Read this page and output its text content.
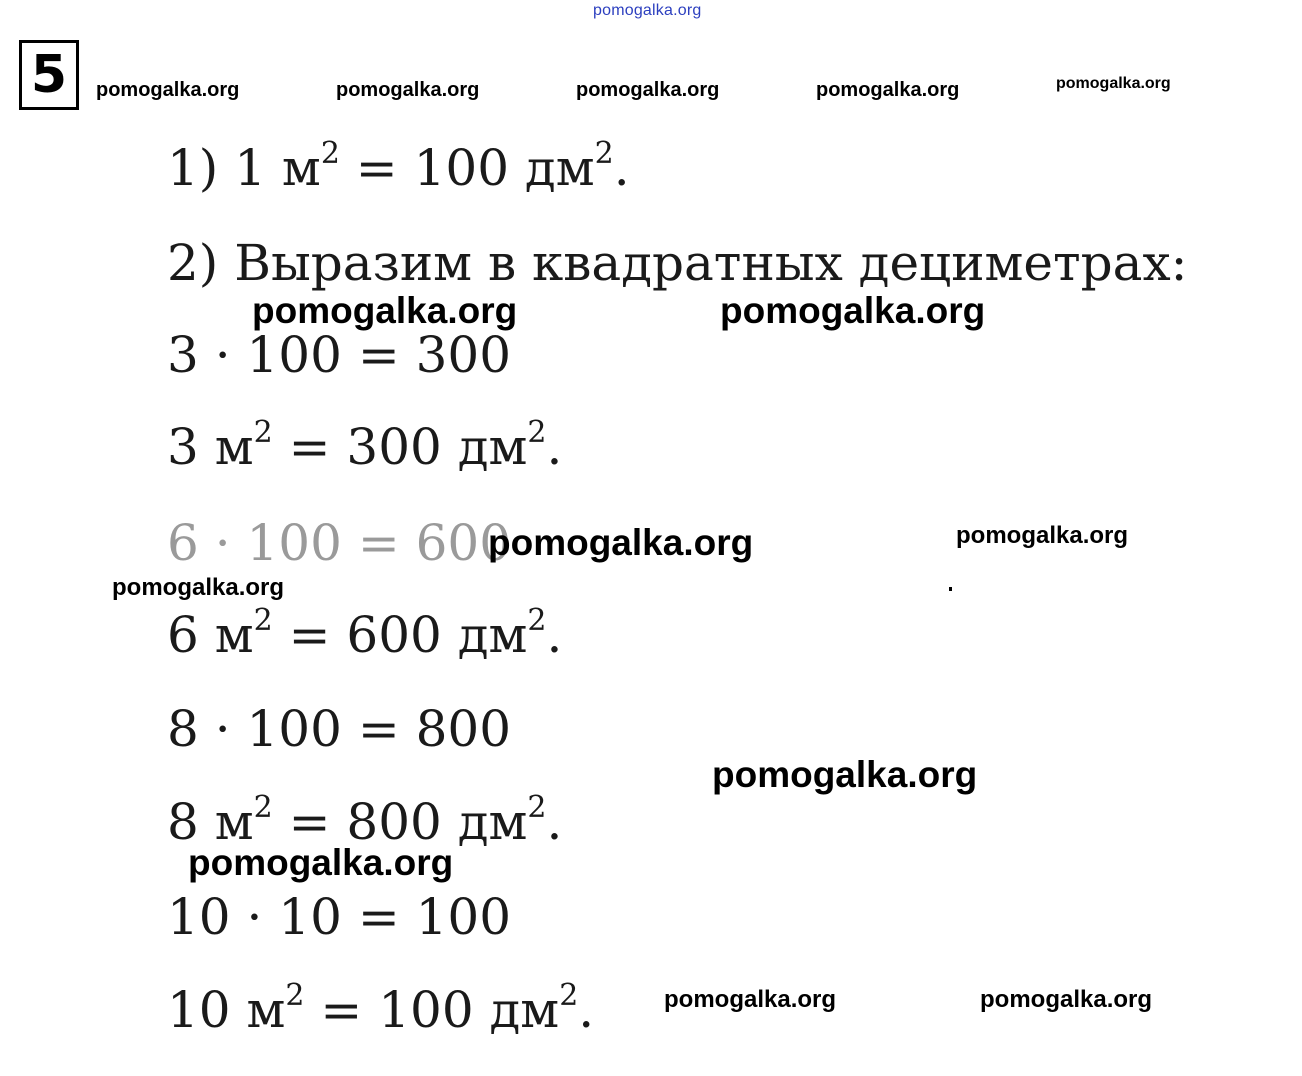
pomogalka.org
5 pomogalka.org	pomogalka.org	pomogalka.org	pomogalka.org	pomogalka.org
1) 1 $м^2 = 100$ $дм^2$.
2) Выразим в квадратных дециметрах:
3 · 100 = 300
3 $м^2 = 300$ $дм^2$.
6 · 100 = 600
6 $м^2 = 600$ $дм^2$.
8 · 100 = 800
8 $м^2 = 800$ $дм^2$.
10 · 10 = 100
10 $м^2 = 100$ $дм^2$.
pomogalka.org	pomogalka.org
pomogalka.org	pomogalka.org
pomogalka.org
pomogalka.org
pomogalka.org
pomogalka.org	pomogalka.org
